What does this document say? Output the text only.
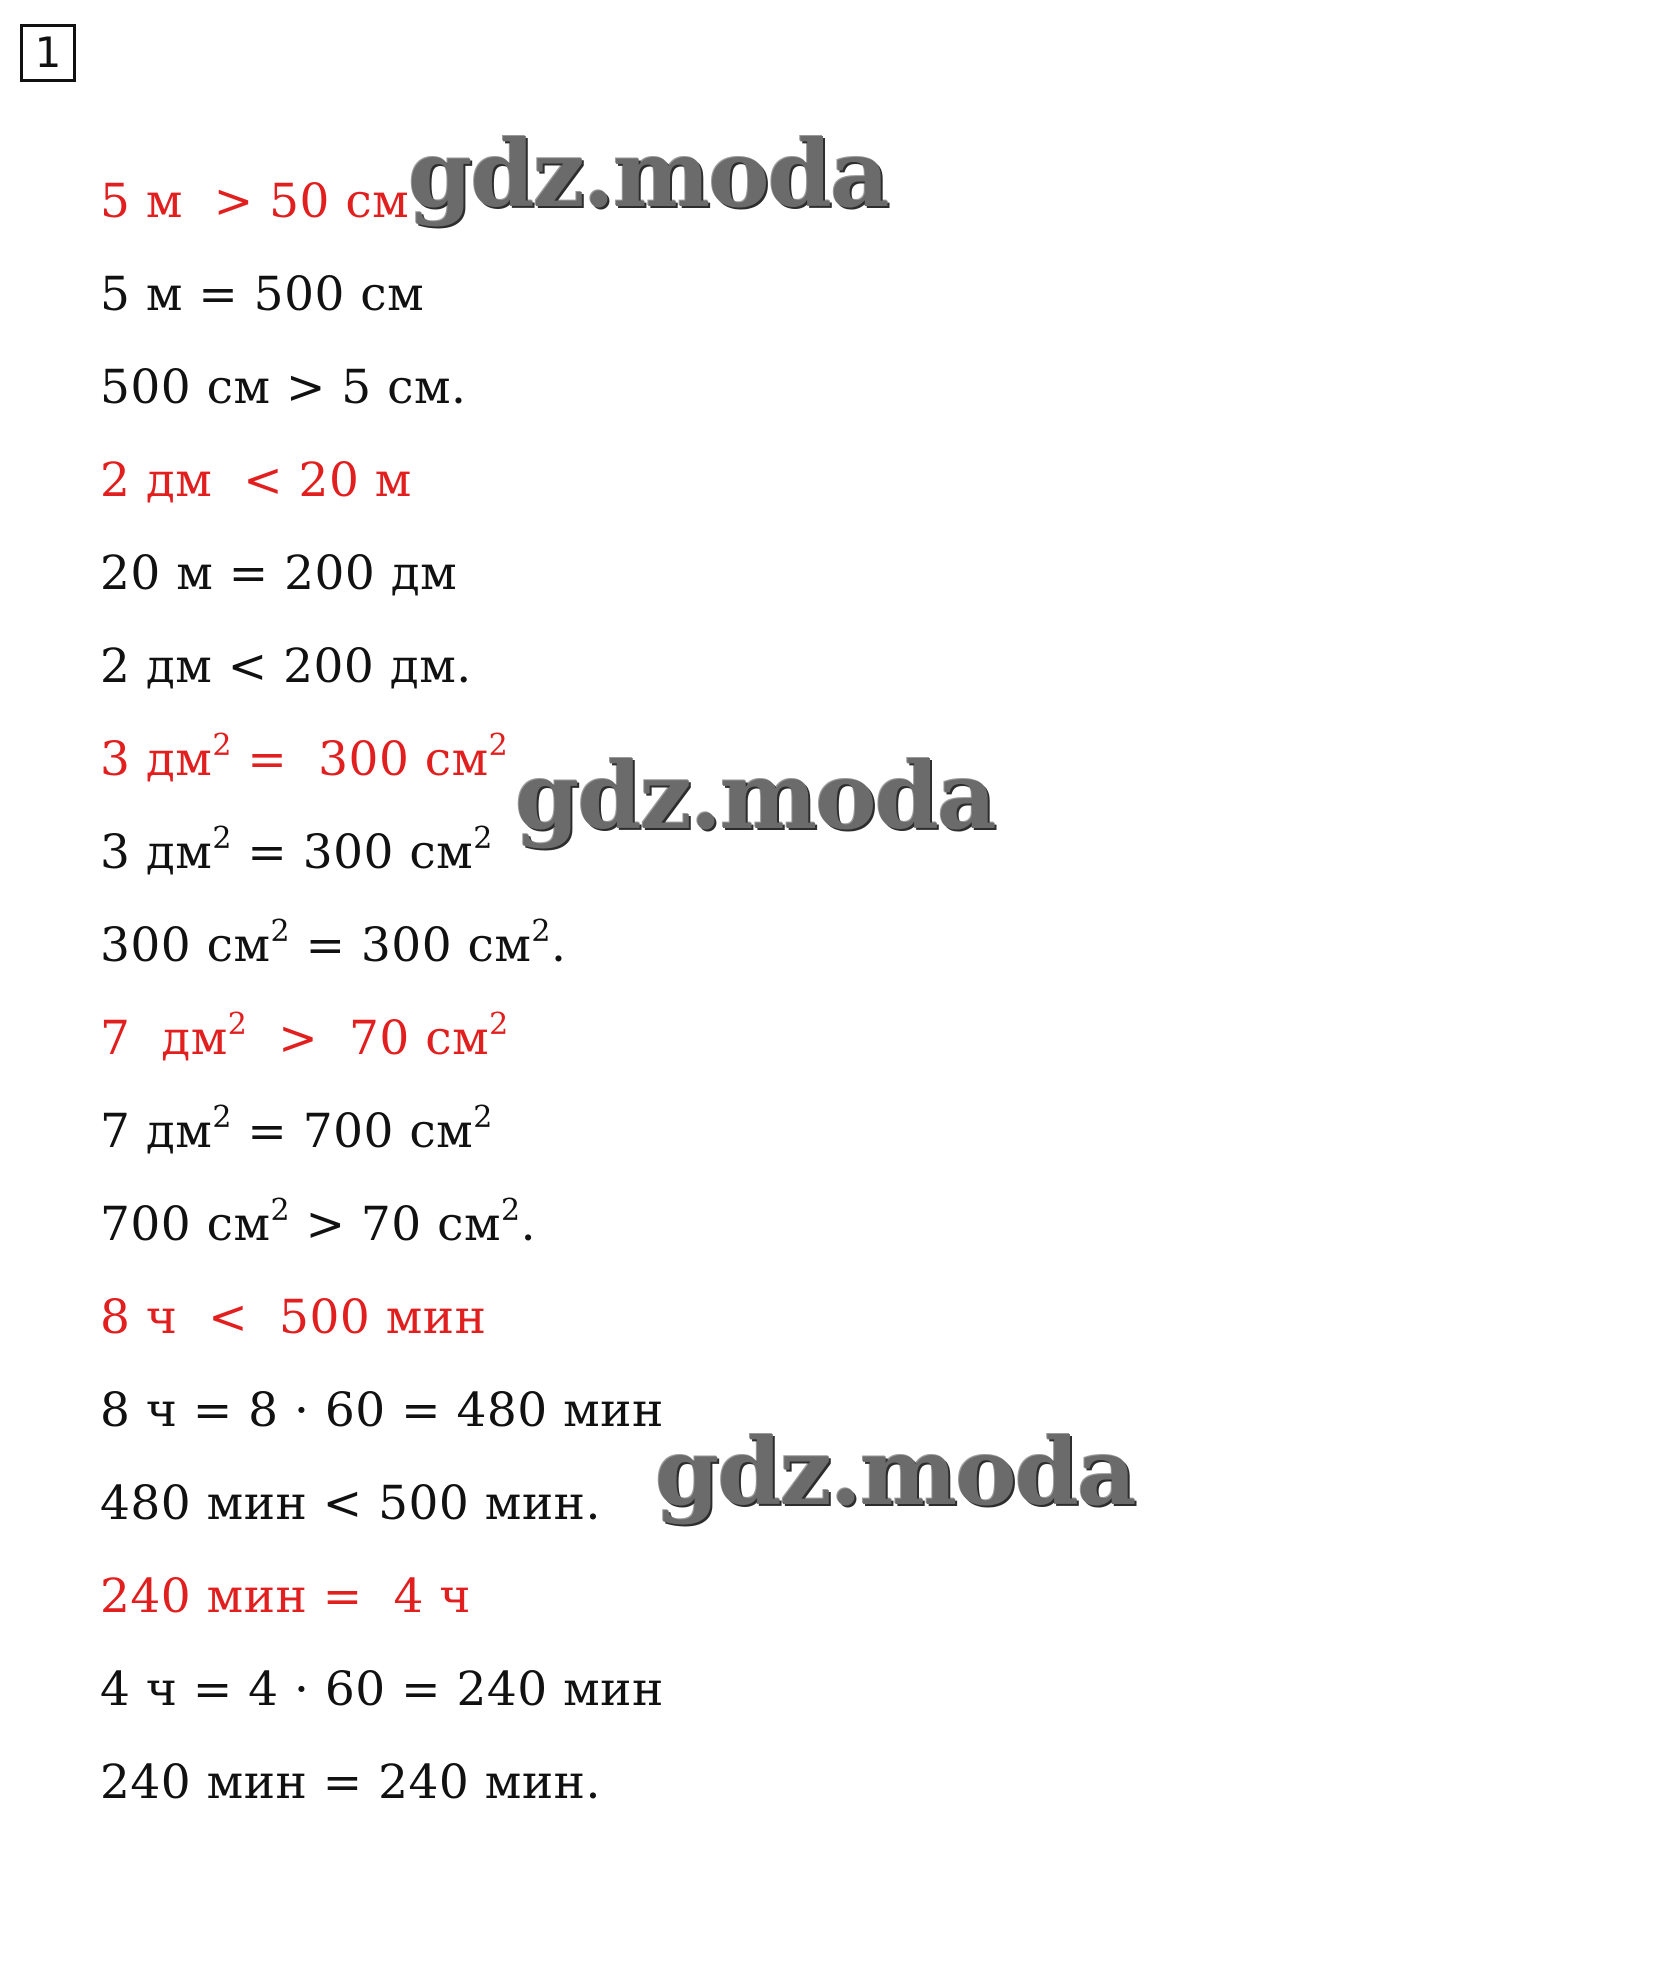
1
5 м  > 50 см
5 м = 500 см
500 см > 5 см.
2 дм  < 20 м
20 м = 200 дм
2 дм < 200 дм.
3 $дм^2 = 300$ $см^2$
3 $дм^2 = 300$ $см^2$
300 $см^2 = 300$ $см^2$ .
7  $дм^2 > 70$ $см^2$
7 $дм^2 = 700$ $см^2$
700 $см^2 > 70$ $см^2$ .
8 ч  <  500 мин
8 ч = 8 · 60 = 480 мин
480 мин < 500 мин.
240 мин =  4 ч
4 ч = 4 · 60 = 240 мин
240 мин = 240 мин.
gdz.moda
gdz.moda
gdz.moda
